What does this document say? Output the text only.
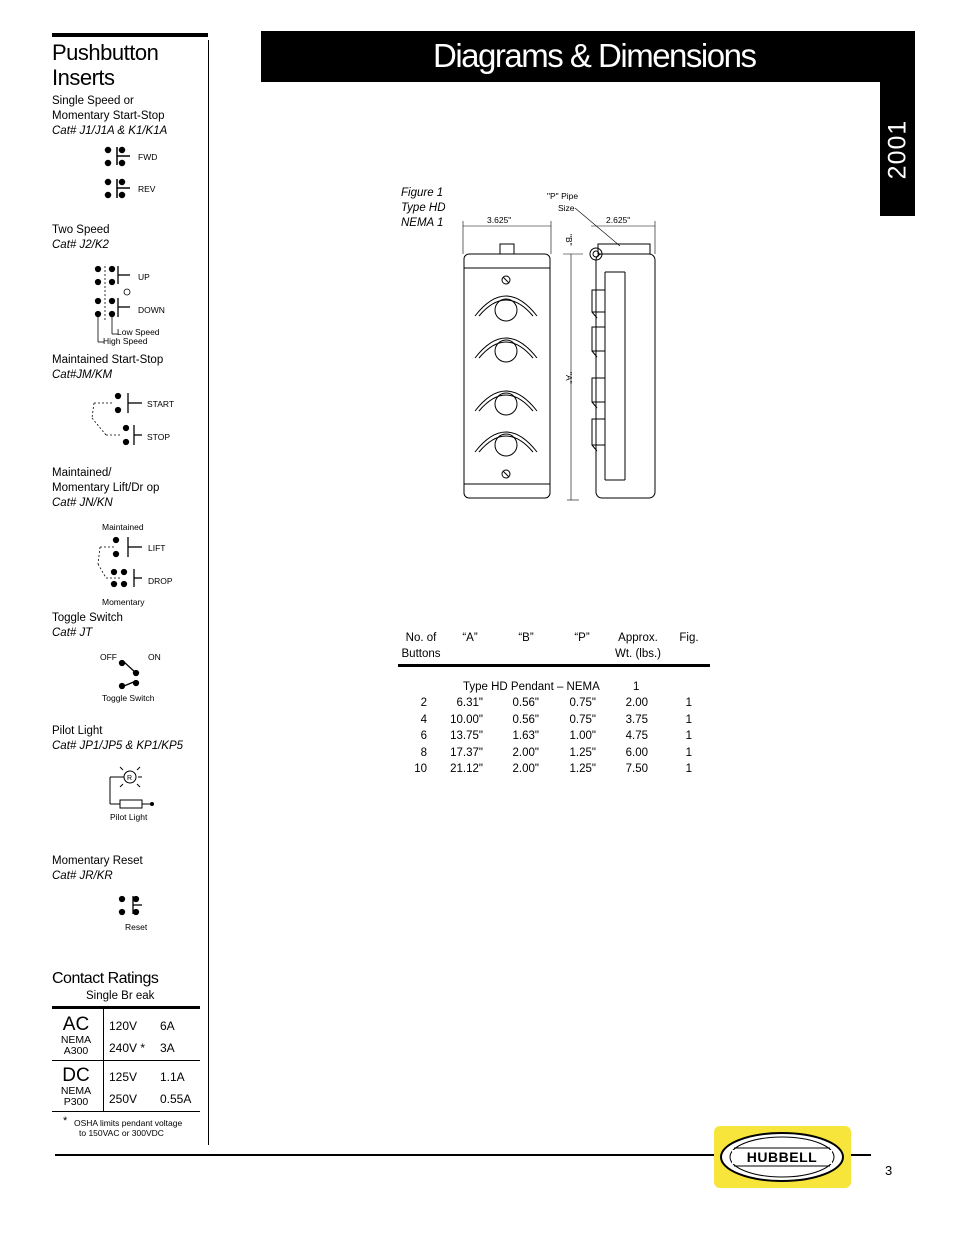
Diagrams & Dimensions
2001
Pushbutton
Inserts
Single Speed or
Momentary Start-Stop
Cat# J1/J1A & K1/K1A
FWD
REV
Two Speed
Cat# J2/K2
UP
DOWN
Low Speed
High Speed
Maintained Start-Stop
Cat#JM/KM
START
STOP
Maintained/
Momentary Lift/Dr op
Cat# JN/KN
Maintained
LIFT
DROP
Momentary
Toggle Switch
Cat# JT
OFF	ON
Toggle Switch
Pilot Light
Cat# JP1/JP5 & KP1/KP5
R
Pilot Light
Momentary Reset
Cat# JR/KR
Reset
Contact Ratings
Single Br eak
AC
NEMA
A300
120V 6A
240V * 3A
DC
NEMA
P300
125V 1.1A
250V 0.55A
* OSHA limits pendant voltage
to 150VAC or 300VDC
Figure 1
Type HD
NEMA 1	3.625"
"P" Pipe
Size
2.625"
"B"
"A"
No. of
Buttons
“A”	“B”	“P”	Approx.
Wt. (lbs.)
Fig.
Type HD Pendant – NEMA	1
2	6.31"	0.56"	0.75"	2.00	1
4	10.00"	0.56"	0.75"	3.75	1
6	13.75"	1.63"	1.00"	4.75	1
8	17.37"	2.00"	1.25"	6.00	1
10	21.12"	2.00"	1.25"	7.50	1
HUBBELL
3
